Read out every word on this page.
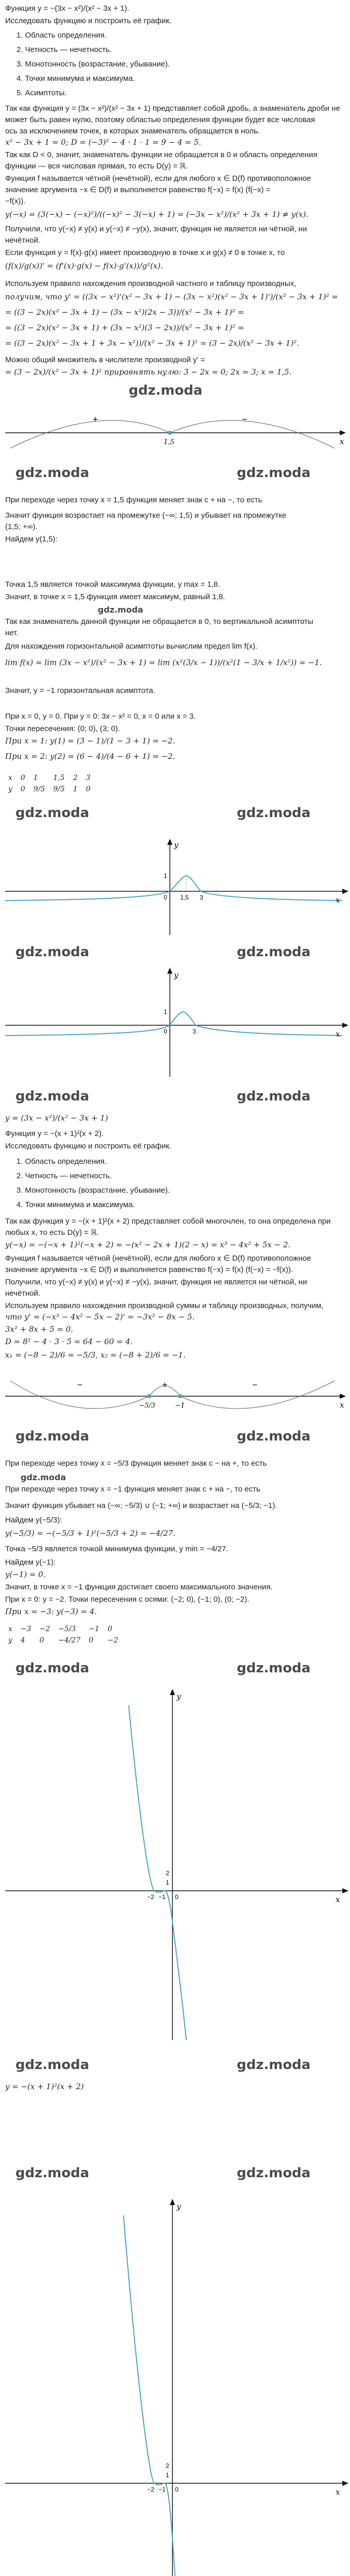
Функция y = −(3x − x²)/(x² − 3x + 1).
Исследовать функцию и построить её график.
1. Область определения.
2. Четность — нечетность.
3. Монотонность (возрастание, убывание).
4. Точки минимума и максимума.
5. Асимптоты.
Так как функция y = (3x − x²)/(x² − 3x + 1) представляет собой дробь, а знаменатель дроби не
может быть равен нулю, поэтому областью определения функции будет все числовая
ось за исключением точек, в которых знаменатель обращается в ноль.
x² − 3x + 1 = 0; D = (−3)² − 4 · 1 · 1 = 9 − 4 = 5.
Так как D < 0, значит, знаменатель функции не обращается в 0 и область определения
функции — вся числовая прямая, то есть D(y) = ℝ.
Функция f называется чётной (нечётной), если для любого x ∈ D(f) противоположное
значение аргумента −x ∈ D(f) и выполняется равенство f(−x) = f(x) (f(−x) =
−f(x)).
y(−x) = (3(−x) − (−x)²)/((−x)² − 3(−x) + 1) = (−3x − x²)/(x² + 3x + 1) ≠ y(x).
Получили, что y(−x) ≠ y(x) и y(−x) ≠ −y(x), значит, функция не является ни чётной, ни
нечётной.
Если функция y = f(x)·g(x) имеет производную в точке x и g(x) ≠ 0 в точке x, то
(f(x)/g(x))' = (f'(x)·g(x) − f(x)·g'(x))/g²(x).
Используем правило нахождения производной частного и таблицу производных,
получим, что y' = ((3x − x²)'(x² − 3x + 1) − (3x − x²)(x² − 3x + 1)')/(x² − 3x + 1)² =
= ((3 − 2x)(x² − 3x + 1) − (3x − x²)(2x − 3))/(x² − 3x + 1)² =
= ((3 − 2x)(x² − 3x + 1) + (3x − x²)(3 − 2x))/(x² − 3x + 1)² =
= ((3 − 2x)(x² − 3x + 1 + 3x − x²))/(x² − 3x + 1)² = (3 − 2x)/(x² − 3x + 1)².
Можно общий множитель в числителе производной y' =
= (3 − 2x)/(x² − 3x + 1)² приравнять нулю: 3 − 2x = 0; 2x = 3; x = 1,5.
gdz.moda
x
1,5
+	−
gdz.moda	gdz.moda
При переходе через точку x = 1,5 функция меняет знак с + на −, то есть
Значит функция возрастает на промежутке (−∞; 1,5) и убывает на промежутке
(1,5; +∞).
Найдем y(1,5):
Точка 1,5 является точкой максимума функции, y max = 1,8.
Значит, в точке x = 1,5 функция имеет максимум, равный 1,8.
gdz.moda
Так как знаменатель данной функции не обращается в 0, то вертикальной асимптоты
нет.
Для нахождения горизонтальной асимптоты вычислим предел lim f(x).
lim f(x) = lim (3x − x²)/(x² − 3x + 1) = lim (x²(3/x − 1))/(x²(1 − 3/x + 1/x²)) = −1.
Значит, y = −1 горизонтальная асимптота.
При x = 0, y = 0. При y = 0: 3x − x² = 0, x = 0 или x = 3.
Точки пересечения: (0; 0), (3; 0).
При x = 1: y(1) = (3 − 1)/(1 − 3 + 1) = −2.
При x = 2: y(2) = (6 − 4)/(4 − 6 + 1) = −2.
x	0	1	1,5	2	3
y	0	9/5	9/5	1	0
gdz.moda	gdz.moda
y
x
1
0 1,5 3
gdz.moda	gdz.moda
y
x
1
0	3
gdz.moda	gdz.moda
y = (3x − x²)/(x² − 3x + 1)
Функция y = −(x + 1)²(x + 2).
Исследовать функцию и построить её график.
1. Область определения.
2. Четность — нечетность.
3. Монотонность (возрастание, убывание).
4. Точки минимума и максимума.
Так как функция y = −(x + 1)²(x + 2) представляет собой многочлен, то она определена при
любых x, то есть D(y) = ℝ.
y(−x) = −(−x + 1)²(−x + 2) = −(x² − 2x + 1)(2 − x) = x³ − 4x² + 5x − 2.
Функция f называется чётной (нечётной), если для любого x ∈ D(f) противоположное
значение аргумента −x ∈ D(f) и выполняется равенство f(−x) = f(x) (f(−x) = −f(x)).
Получили, что y(−x) ≠ y(x) и y(−x) ≠ −y(x), значит, функция не является ни чётной, ни
нечётной.
Используем правило нахождения производной суммы и таблицу производных, получим,
что y' = (−x³ − 4x² − 5x − 2)' = −3x² − 8x − 5.
3x² + 8x + 5 = 0.
D = 8² − 4 · 3 · 5 = 64 − 60 = 4.
x₁ = (−8 − 2)/6 = −5/3, x₂ = (−8 + 2)/6 = −1.
x
−5/3	−1
−	+	−
gdz.moda	gdz.moda
При переходе через точку x = −5/3 функция меняет знак с − на +, то есть
gdz.moda
При переходе через точку x = −1 функция меняет знак с + на −, то есть
Значит функция убывает на (−∞; −5/3) ∪ (−1; +∞) и возрастает на (−5/3; −1).
Найдем y(−5/3):
y(−5/3) = −(−5/3 + 1)²(−5/3 + 2) = −4/27.
Точка −5/3 является точкой минимума функции, y min = −4/27.
Найдем y(−1):
y(−1) = 0.
Значит, в точке x = −1 функция достигает своего максимального значения.
При x = 0: y = −2. Точки пересечения с осями: (−2; 0), (−1; 0), (0; −2).
При x = −3: y(−3) = 4.
x	−3	−2	−5/3	−1	0
y	4	0	−4/27	0	−2
gdz.moda	gdz.moda
y
x
2
1
0
−1
−2
gdz.moda	gdz.moda
y = −(x + 1)²(x + 2)
gdz.moda	gdz.moda
y
x
2
1
0
−1
−2
